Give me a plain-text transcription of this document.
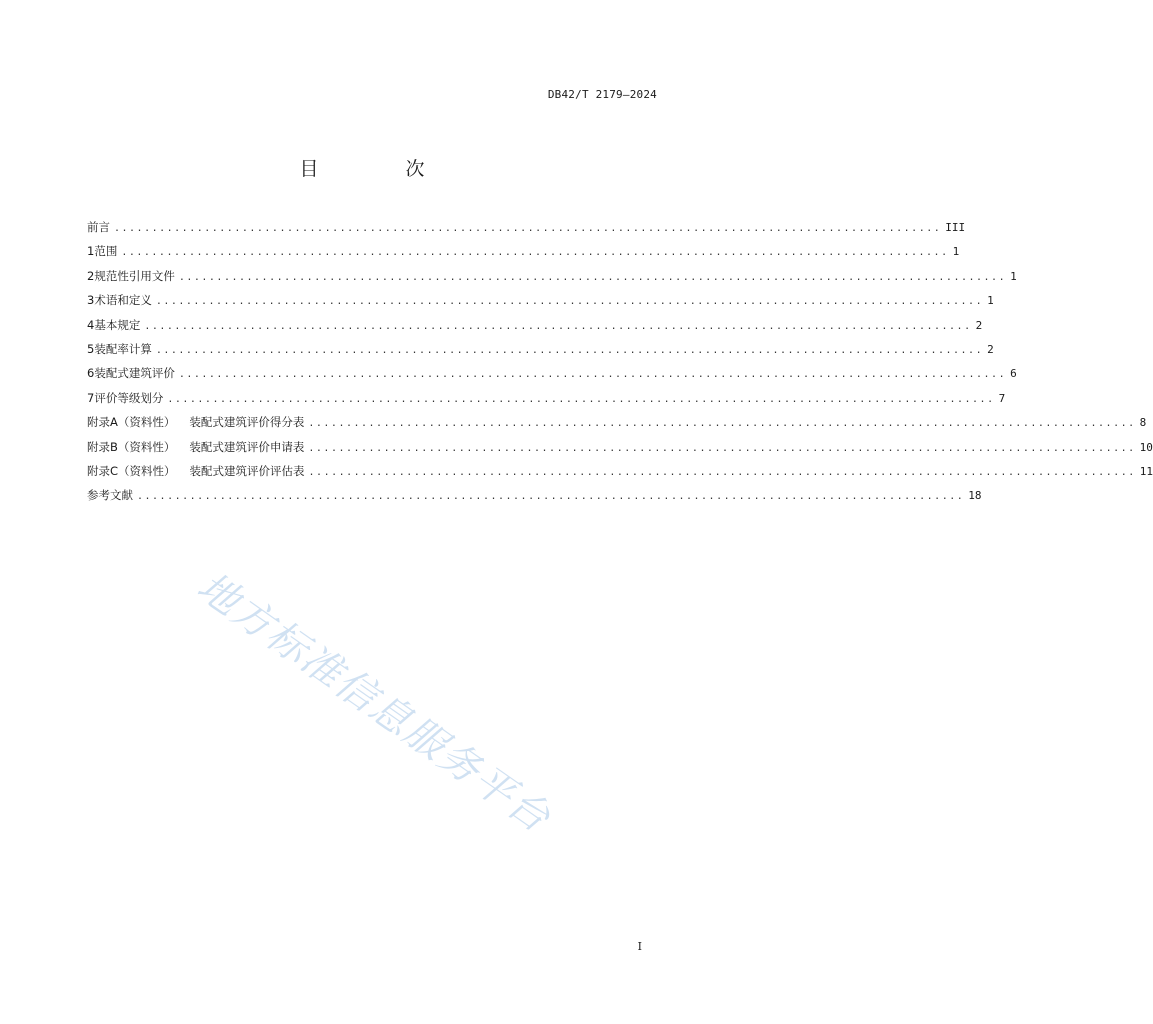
DB42/T 2179—2024
目　次
前言 .............................................................................................................. III
1 范围 .............................................................................................................. 1
2 规范性引用文件 .............................................................................................................. 1
3 术语和定义 .............................................................................................................. 1
4 基本规定 .............................................................................................................. 2
5 装配率计算 .............................................................................................................. 2
6 装配式建筑评价 .............................................................................................................. 6
7 评价等级划分 .............................................................................................................. 7
附录A（资料性） 装配式建筑评价得分表 .............................................................................................................. 8
附录B（资料性） 装配式建筑评价申请表 .............................................................................................................. 10
附录C（资料性） 装配式建筑评价评估表 .............................................................................................................. 11
参考文献 .............................................................................................................. 18
地方标准信息服务平台
I
